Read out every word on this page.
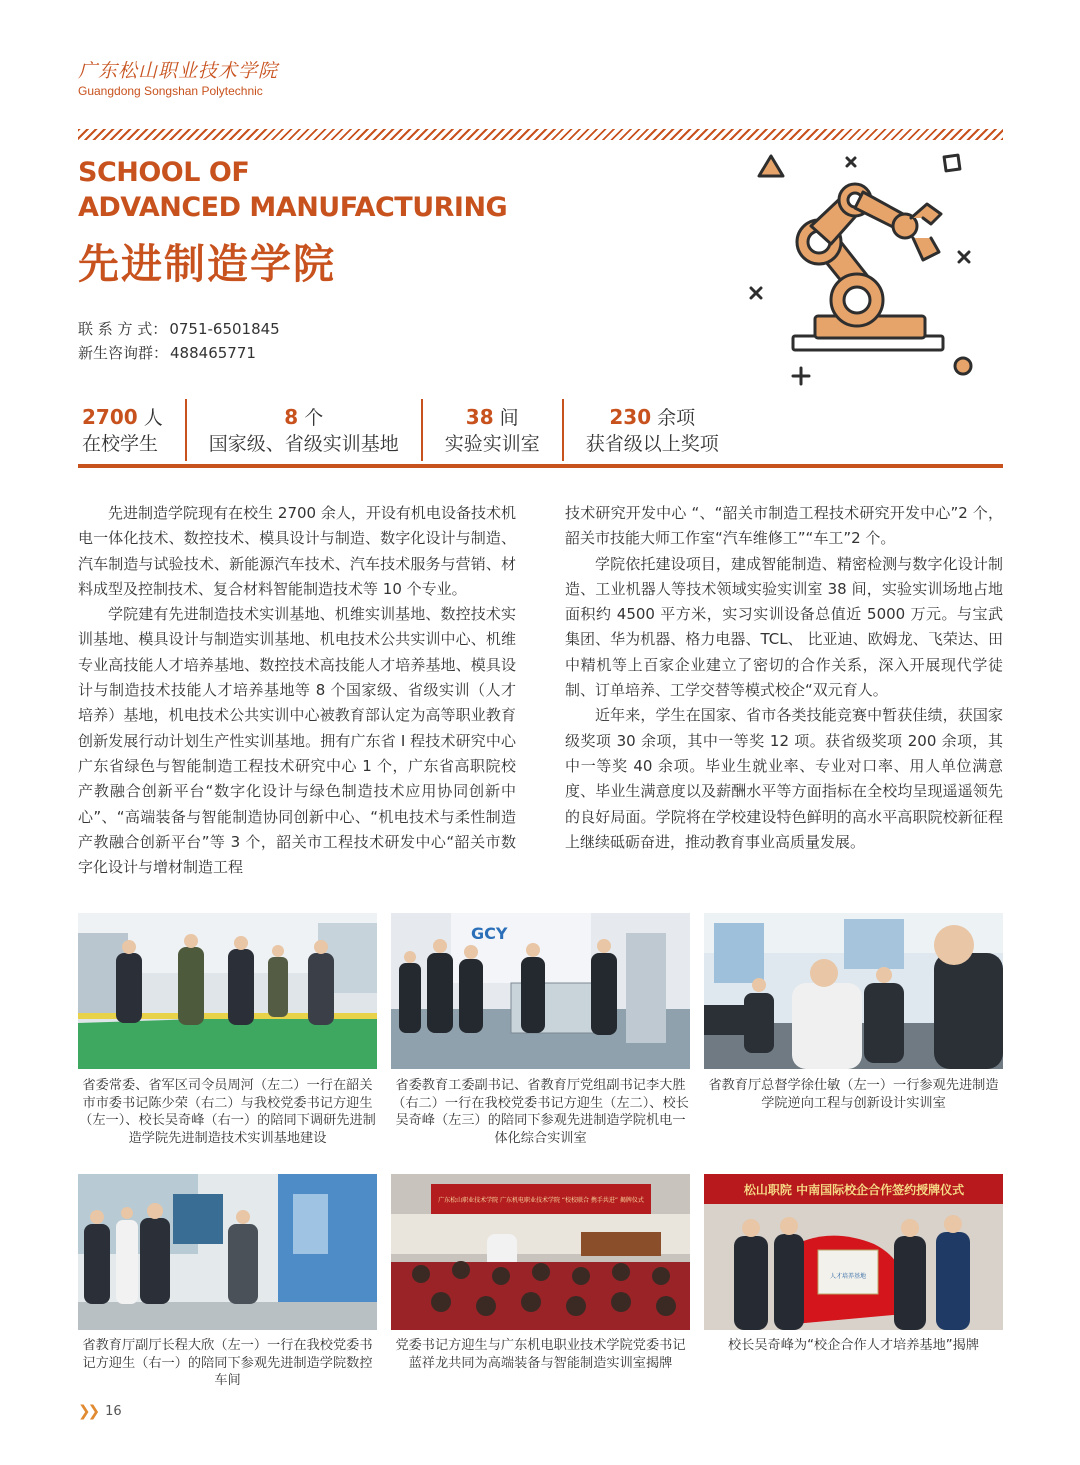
广东松山职业技术学院
Guangdong Songshan Polytechnic
SCHOOL OF
ADVANCED MANUFACTURING
先进制造学院
联 系 方 式： 0751-6501845
新生咨询群： 488465771
2700 人
在校学生
8 个
国家级、省级实训基地
38 间
实验实训室
230 余项
获省级以上奖项

先进制造学院现有在校生 2700 余人，开设有机电设备技术机电一体化技术、数控技术、模具设计与制造、数字化设计与制造、汽车制造与试验技术、新能源汽车技术、汽车技术服务与营销、材料成型及控制技术、复合材料智能制造技术等 10 个专业。

学院建有先进制造技术实训基地、机维实训基地、数控技术实训基地、模具设计与制造实训基地、机电技术公共实训中心、机维专业高技能人才培养基地、数控技术高技能人才培养基地、模具设计与制造技术技能人才培养基地等 8 个国家级、省级实训（人才培养）基地，机电技术公共实训中心被教育部认定为高等职业教育创新发展行动计划生产性实训基地。拥有广东省 I 程技术研究中心广东省绿色与智能制造工程技术研究中心 1 个，广东省高职院校产教融合创新平台“数字化设计与绿色制造技术应用协同创新中心”、“高端装备与智能制造协同创新中心、“机电技术与柔性制造产教融合创新平台”等 3 个，韶关市工程技术研发中心“韶关市数字化设计与增材制造工程

技术研究开发中心 “、“韶关市制造工程技术研究开发中心”2 个，韶关市技能大师工作室“汽车维修工”“车工”2 个。

学院依托建设项目，建成智能制造、精密检测与数字化设计制造、工业机器人等技术领域实验实训室 38 间，实验实训场地占地面积约 4500 平方米，实习实训设备总值近 5000 万元。与宝武集团、华为机器、格力电器、TCL、 比亚迪、欧姆龙、飞荣达、田中精机等上百家企业建立了密切的合作关系，深入开展现代学徒制、订单培养、工学交替等模式校企“双元育人。

近年来，学生在国家、省市各类技能竞赛中暂获佳绩，获国家级奖项 30 余项，其中一等奖 12 项。获省级奖项 200 余项，其中一等奖 40 余项。毕业生就业率、专业对口率、用人单位满意度、毕业生满意度以及薪酬水平等方面指标在全校均呈现遥遥领先的良好局面。学院将在学校建设特色鲜明的高水平高职院校新征程上继续砥砺奋进，推动教育事业高质量发展。

省委常委、省军区司令员周河（左二）一行在韶关市市委书记陈少荣（右二）与我校党委书记方迎生（左一）、校长吴奇峰（右一）的陪同下调研先进制造学院先进制造技术实训基地建设
GCY
省委教育工委副书记、省教育厅党组副书记李大胜（右二）一行在我校党委书记方迎生（左二）、校长吴奇峰（左三）的陪同下参观先进制造学院机电一体化综合实训室
省教育厅总督学徐仕敏（左一）一行参观先进制造学院逆向工程与创新设计实训室
省教育厅副厅长程大欣（左一）一行在我校党委书记方迎生（右一）的陪同下参观先进制造学院数控车间
广东松山职业技术学院 广东机电职业技术学院 “校校联合 携手共进” 揭牌仪式
党委书记方迎生与广东机电职业技术学院党委书记蓝祥龙共同为高端装备与智能制造实训室揭牌
松山职院 中南国际校企合作签约授牌仪式
人才培养基地
校长吴奇峰为“校企合作人才培养基地”揭牌
❯❯ 16
